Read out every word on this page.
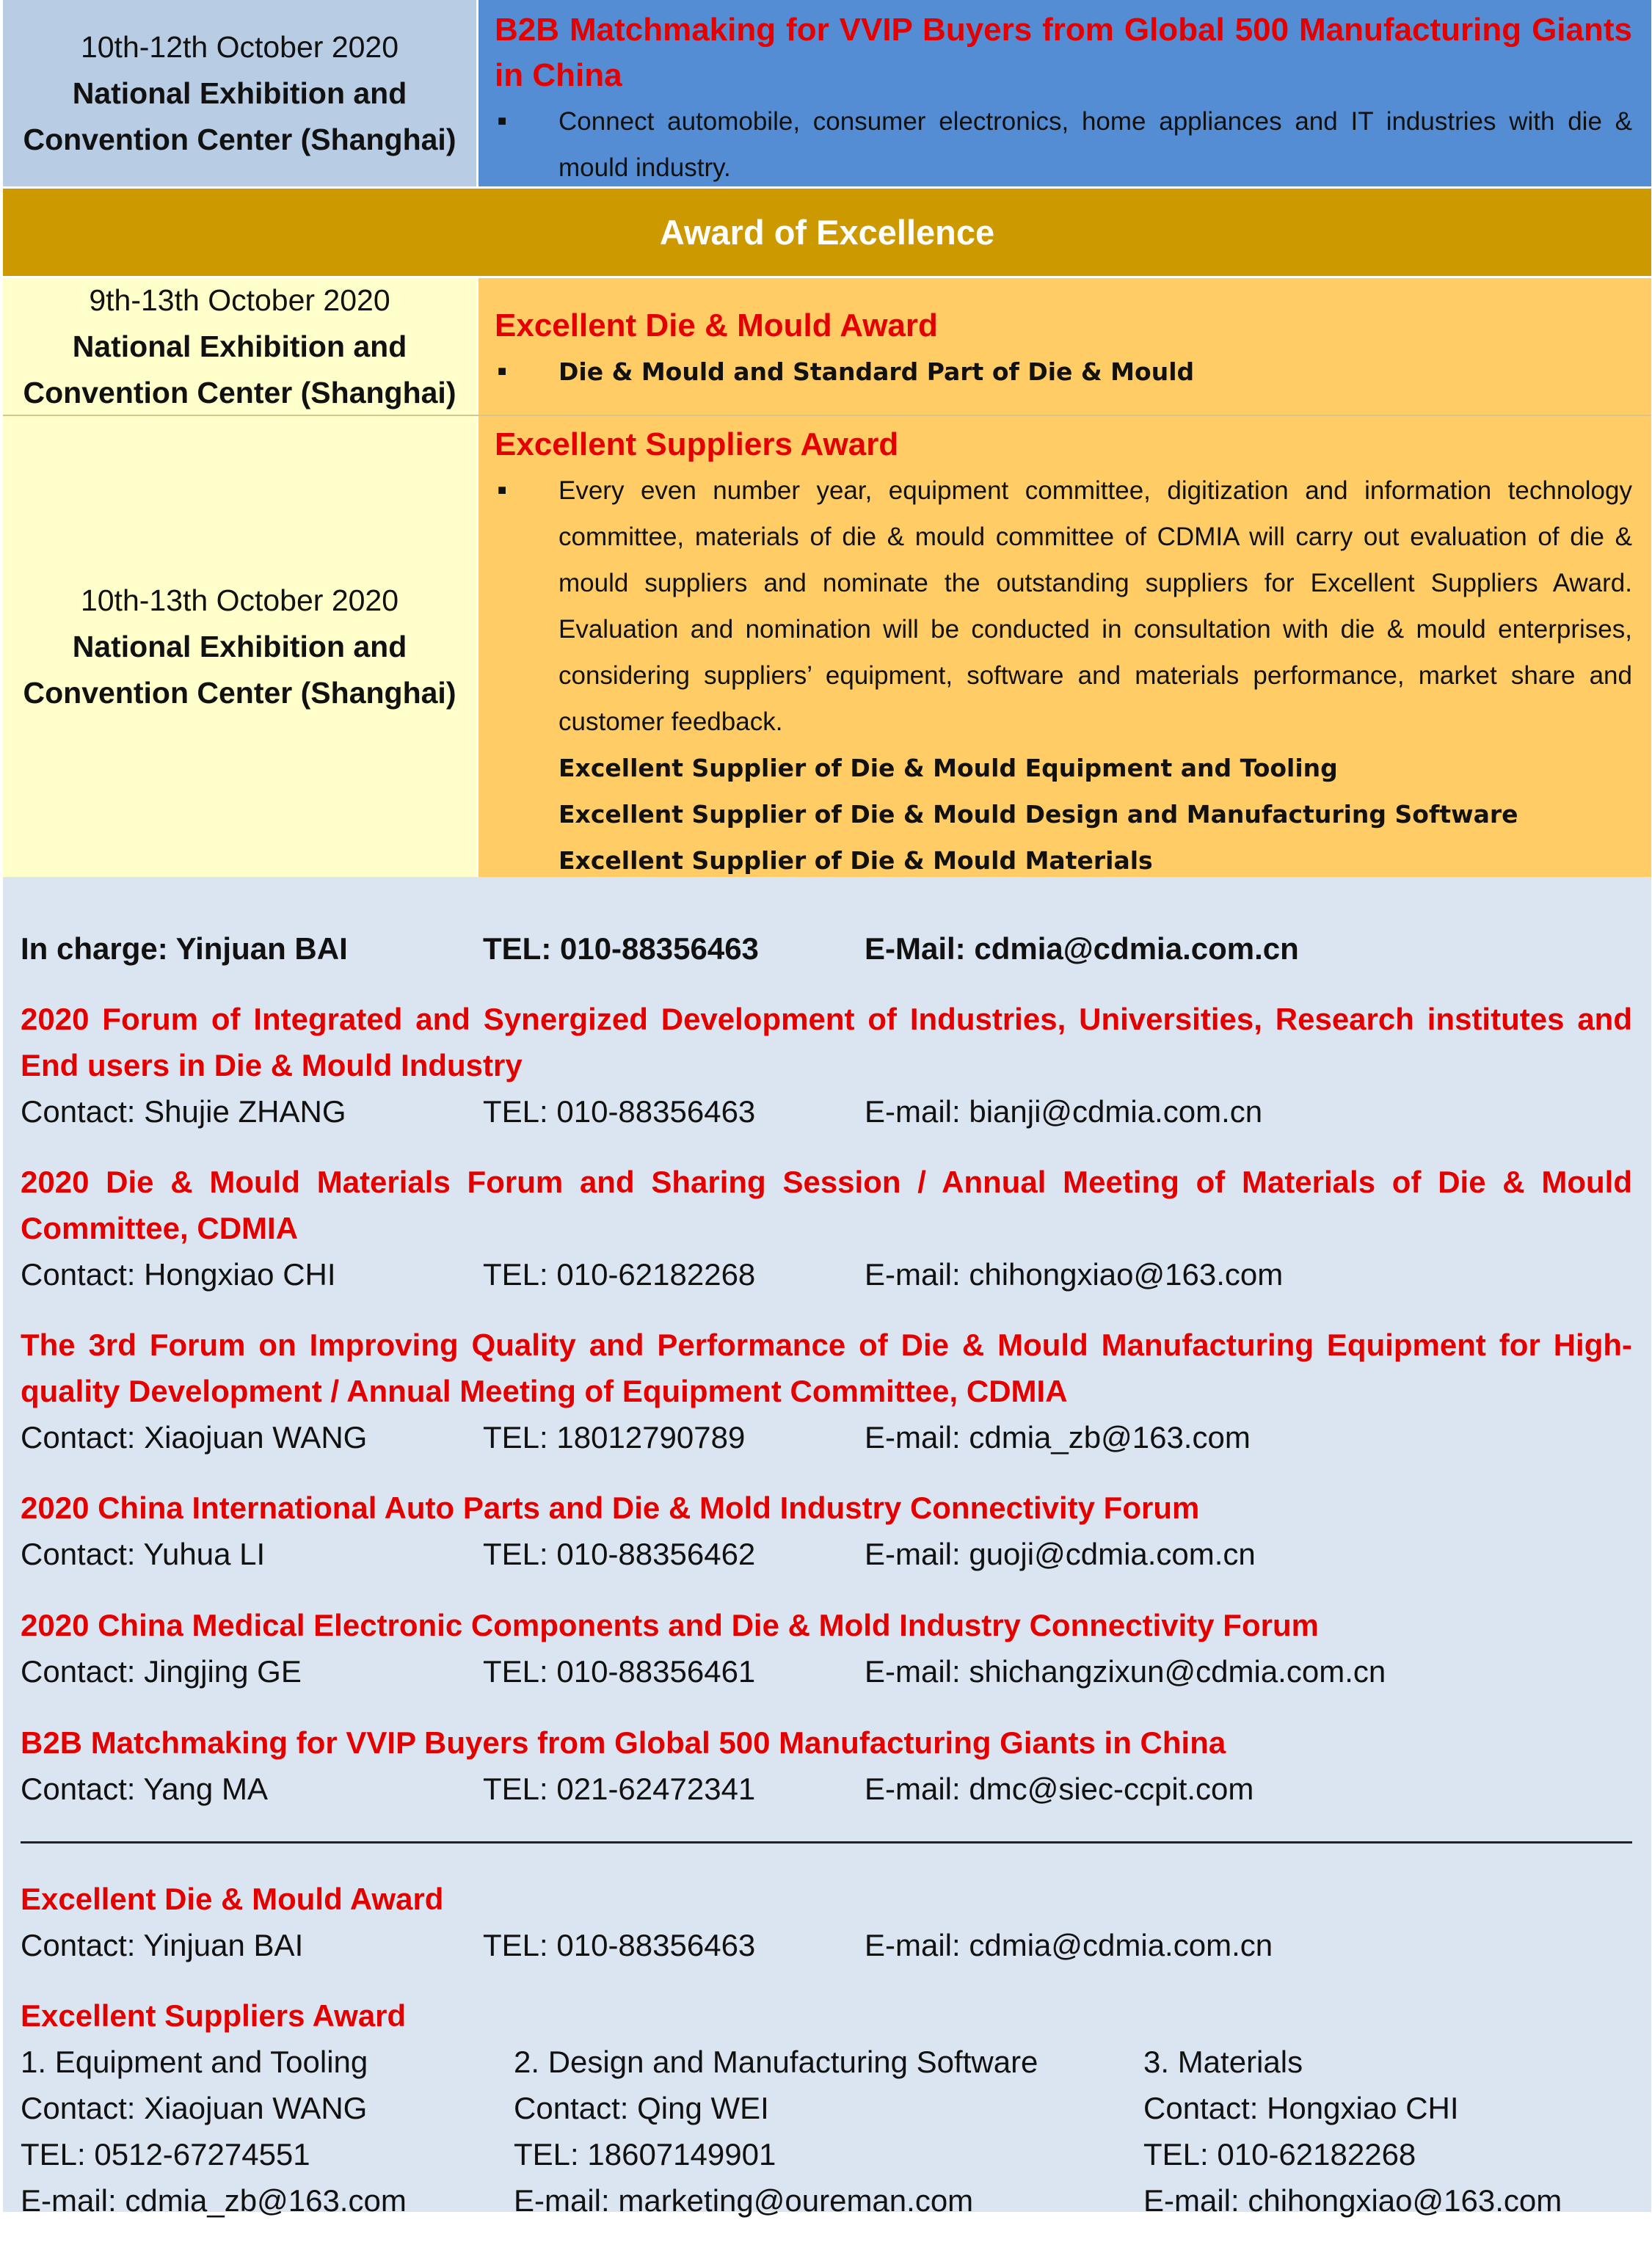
10th-12th October 2020
National Exhibition and
Convention Center (Shanghai)
B2B Matchmaking for VVIP Buyers from Global 500 Manufacturing Giants in China
■	Connect automobile, consumer electronics, home appliances and IT industries with die & mould industry.
Award of Excellence
9th-13th October 2020
National Exhibition and
Convention Center (Shanghai)
Excellent Die & Mould Award
■	Die & Mould and Standard Part of Die & Mould
10th-13th October 2020
National Exhibition and
Convention Center (Shanghai)
Excellent Suppliers Award
■	Every even number year, equipment committee, digitization and information technology committee, materials of die & mould committee of CDMIA will carry out evaluation of die & mould suppliers and nominate the outstanding suppliers for Excellent Suppliers Award. Evaluation and nomination will be conducted in consultation with die & mould enterprises, considering suppliers’ equipment, software and materials performance, market share and customer feedback.
Excellent Supplier of Die & Mould Equipment and Tooling
Excellent Supplier of Die & Mould Design and Manufacturing Software
Excellent Supplier of Die & Mould Materials
In charge: Yinjuan BAI	TEL: 010-88356463	E-Mail: cdmia@cdmia.com.cn
2020 Forum of Integrated and Synergized Development of Industries, Universities, Research institutes and End users in Die & Mould Industry
Contact: Shujie ZHANG	TEL: 010-88356463	E-mail: bianji@cdmia.com.cn
2020 Die & Mould Materials Forum and Sharing Session / Annual Meeting of Materials of Die & Mould Committee, CDMIA
Contact: Hongxiao CHI	TEL: 010-62182268	E-mail: chihongxiao@163.com
The 3rd Forum on Improving Quality and Performance of Die & Mould Manufacturing Equipment for High-quality Development / Annual Meeting of Equipment Committee, CDMIA
Contact: Xiaojuan WANG	TEL: 18012790789	E-mail: cdmia_zb@163.com
2020 China International Auto Parts and Die & Mold Industry Connectivity Forum
Contact: Yuhua LI	TEL: 010-88356462	E-mail: guoji@cdmia.com.cn
2020 China Medical Electronic Components and Die & Mold Industry Connectivity Forum
Contact: Jingjing GE	TEL: 010-88356461	E-mail: shichangzixun@cdmia.com.cn
B2B Matchmaking for VVIP Buyers from Global 500 Manufacturing Giants in China
Contact: Yang MA	TEL: 021-62472341	E-mail: dmc@siec-ccpit.com
Excellent Die & Mould Award
Contact: Yinjuan BAI	TEL: 010-88356463	E-mail: cdmia@cdmia.com.cn
Excellent Suppliers Award
1. Equipment and Tooling
Contact: Xiaojuan WANG
TEL: 0512-67274551
E-mail: cdmia_zb@163.com
2. Design and Manufacturing Software
Contact: Qing WEI
TEL: 18607149901
E-mail: marketing@oureman.com
3. Materials
Contact: Hongxiao CHI
TEL: 010-62182268
E-mail: chihongxiao@163.com
